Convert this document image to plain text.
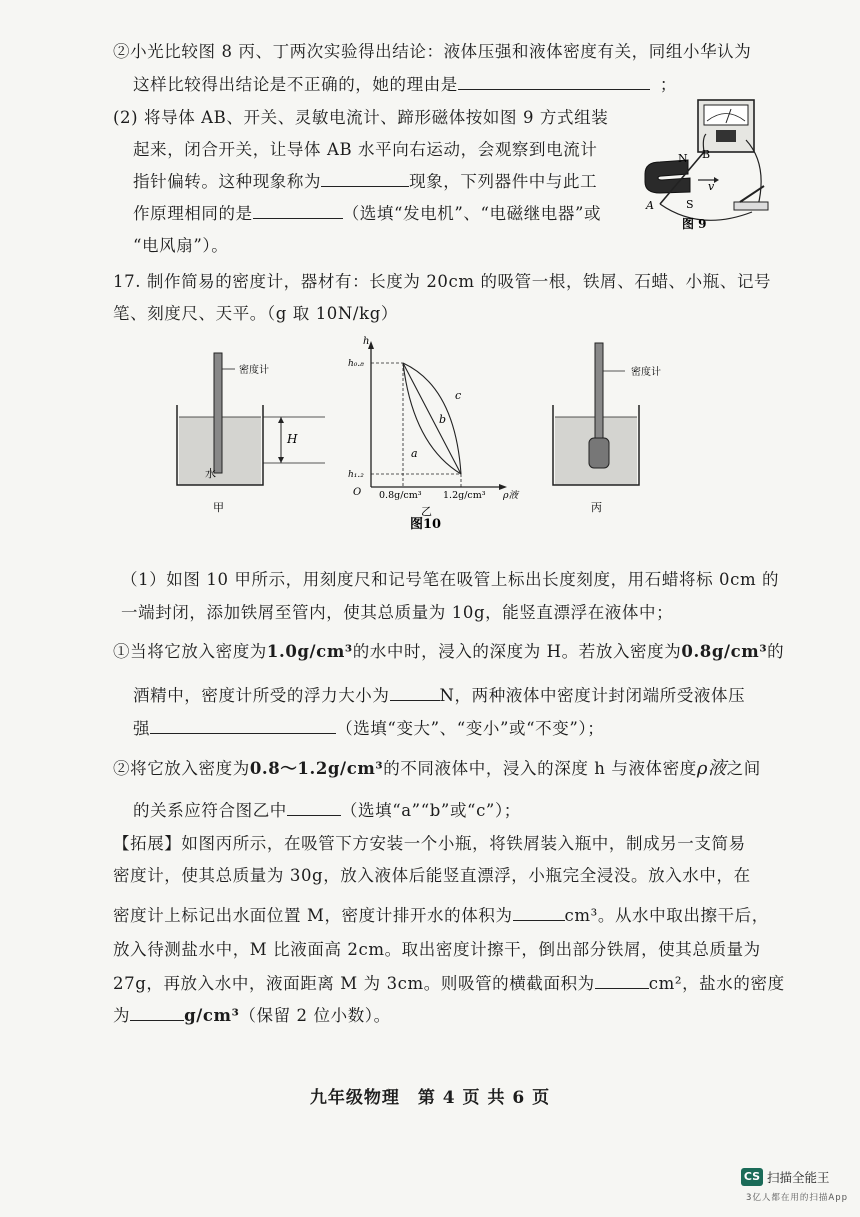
②小光比较图 8 丙、丁两次实验得出结论：液体压强和液体密度有关，同组小华认为
这样比较得出结论是不正确的，她的理由是	；
(2) 将导体 AB、开关、灵敏电流计、蹄形磁体按如图 9 方式组装
起来，闭合开关，让导体 AB 水平向右运动，会观察到电流计
指针偏转。这种现象称为	现象，下列器件中与此工
作原理相同的是	（选填“发电机”、“电磁继电器”或
“电风扇”）。
N B
A	S
v
图 9
17. 制作简易的密度计，器材有：长度为 20cm 的吸管一根，铁屑、石蜡、小瓶、记号
笔、刻度尺、天平。（g 取 10N/kg）
密度计
H
水
甲
h
h₀.₈
h₁.₂
O 0.8g/cm³ 1.2g/cm³ ρ液
a
b
c
乙
密度计
丙
图10
（1）如图 10 甲所示，用刻度尺和记号笔在吸管上标出长度刻度，用石蜡将标 0cm 的
一端封闭，添加铁屑至管内，使其总质量为 10g，能竖直漂浮在液体中；
①当将它放入密度为1.0g/cm³的水中时，浸入的深度为 H。若放入密度为0.8g/cm³的
酒精中，密度计所受的浮力大小为	N，两种液体中密度计封闭端所受液体压
强	（选填“变大”、“变小”或“不变”）；
②将它放入密度为0.8～1.2g/cm³的不同液体中，浸入的深度 h 与液体密度ρ液之间
的关系应符合图乙中	（选填“a”“b”或“c”）；
【拓展】如图丙所示，在吸管下方安装一个小瓶，将铁屑装入瓶中，制成另一支简易
密度计，使其总质量为 30g，放入液体后能竖直漂浮，小瓶完全浸没。放入水中，在
密度计上标记出水面位置 M，密度计排开水的体积为	cm³。从水中取出擦干后，
放入待测盐水中，M 比液面高 2cm。取出密度计擦干，倒出部分铁屑，使其总质量为
27g，再放入水中，液面距离 M 为 3cm。则吸管的横截面积为	cm²，盐水的密度
为	g/cm³（保留 2 位小数）。
九年级物理　第 4 页 共 6 页
CS 扫描全能王
3亿人都在用的扫描App
